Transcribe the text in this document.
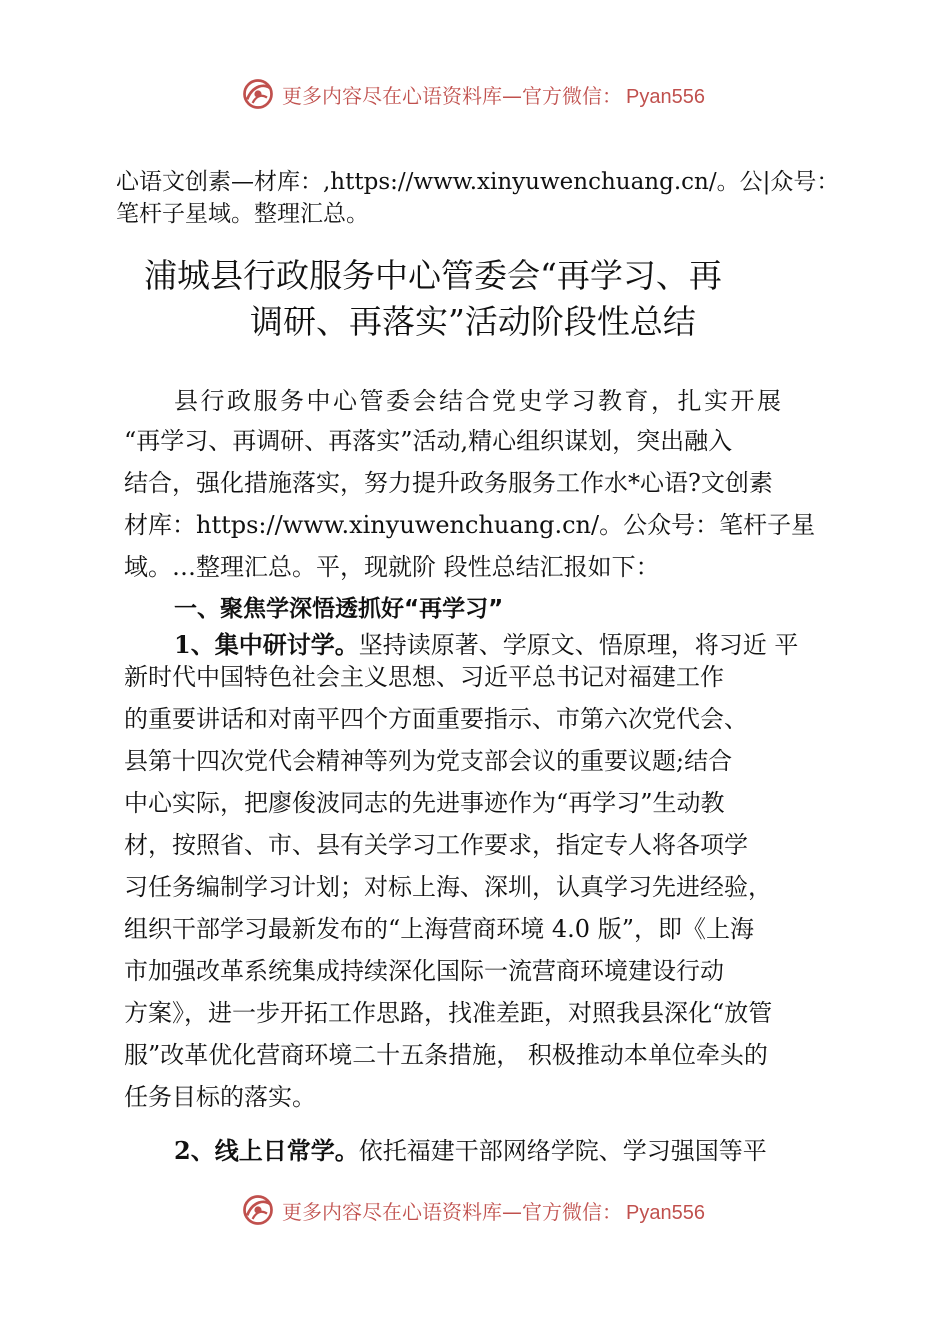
更多内容尽在心语资料库—官方微信： Pyan556
心语文创素—材库：,https://www.xinyuwenchuang.cn/。公|众号：
笔杆子星域。整理汇总。
浦城县行政服务中心管委会“再学习、再
调研、再落实”活动阶段性总结
县行政服务中心管委会结合党史学习教育，扎实开展
“再学习、再调研、再落实”活动,精心组织谋划，突出融入
结合，强化措施落实，努力提升政务服务工作水*心语?文创素
材库：https://www.xinyuwenchuang.cn/。公众号：笔杆子星
域。…整理汇总。平，现就阶 段性总结汇报如下：
一、聚焦学深悟透抓好“再学习”
1、集中研讨学。坚持读原著、学原文、悟原理，将习近 平
新时代中国特色社会主义思想、习近平总书记对福建工作
的重要讲话和对南平四个方面重要指示、市第六次党代会、
县第十四次党代会精神等列为党支部会议的重要议题;结合
中心实际，把廖俊波同志的先进事迹作为“再学习”生动教
材，按照省、市、县有关学习工作要求，指定专人将各项学
习任务编制学习计划；对标上海、深圳，认真学习先进经验，
组织干部学习最新发布的“上海营商环境 4.0 版”，即《上海
市加强改革系统集成持续深化国际一流营商环境建设行动
方案》，进一步开拓工作思路，找准差距，对照我县深化“放管
服”改革优化营商环境二十五条措施， 积极推动本单位牵头的
任务目标的落实。
2、线上日常学。依托福建干部网络学院、学习强国等平
更多内容尽在心语资料库—官方微信： Pyan556
